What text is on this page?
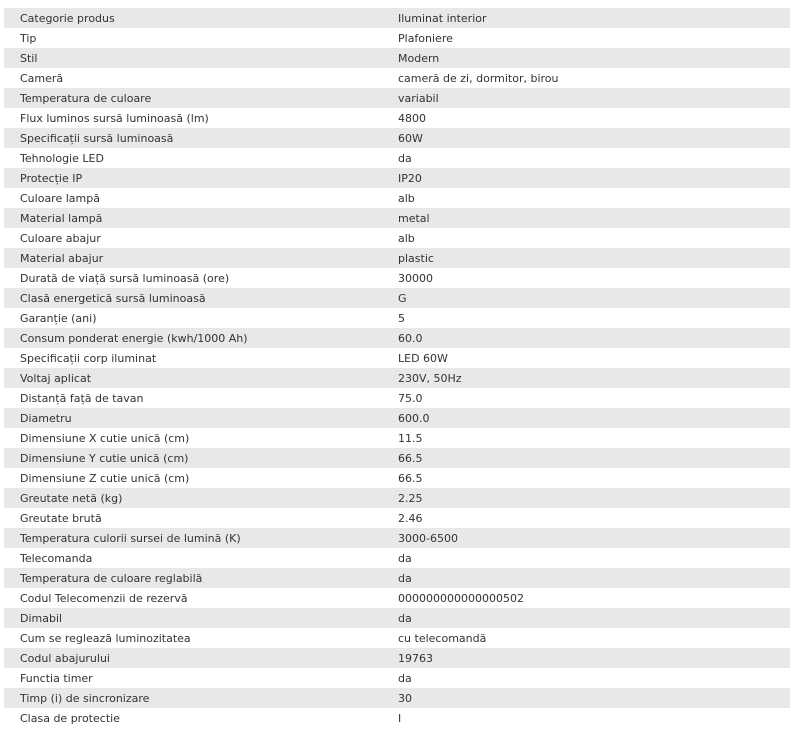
Categorie produs	Iluminat interior
Tip	Plafoniere
Stil	Modern
Cameră	cameră de zi, dormitor, birou
Temperatura de culoare	variabil
Flux luminos sursă luminoasă (lm)	4800
Specificații sursă luminoasă	60W
Tehnologie LED	da
Protecție IP	IP20
Culoare lampă	alb
Material lampă	metal
Culoare abajur	alb
Material abajur	plastic
Durată de viață sursă luminoasă (ore)	30000
Clasă energetică sursă luminoasă	G
Garanție (ani)	5
Consum ponderat energie (kwh/1000 Ah)	60.0
Specificații corp iluminat	LED 60W
Voltaj aplicat	230V, 50Hz
Distanță față de tavan	75.0
Diametru	600.0
Dimensiune X cutie unică (cm)	11.5
Dimensiune Y cutie unică (cm)	66.5
Dimensiune Z cutie unică (cm)	66.5
Greutate netă (kg)	2.25
Greutate brută	2.46
Temperatura culorii sursei de lumină (K)	3000-6500
Telecomanda	da
Temperatura de culoare reglabilă	da
Codul Telecomenzii de rezervă	000000000000000502
Dimabil	da
Cum se reglează luminozitatea	cu telecomandă
Codul abajurului	19763
Functia timer	da
Timp (i) de sincronizare	30
Clasa de protectie	I
